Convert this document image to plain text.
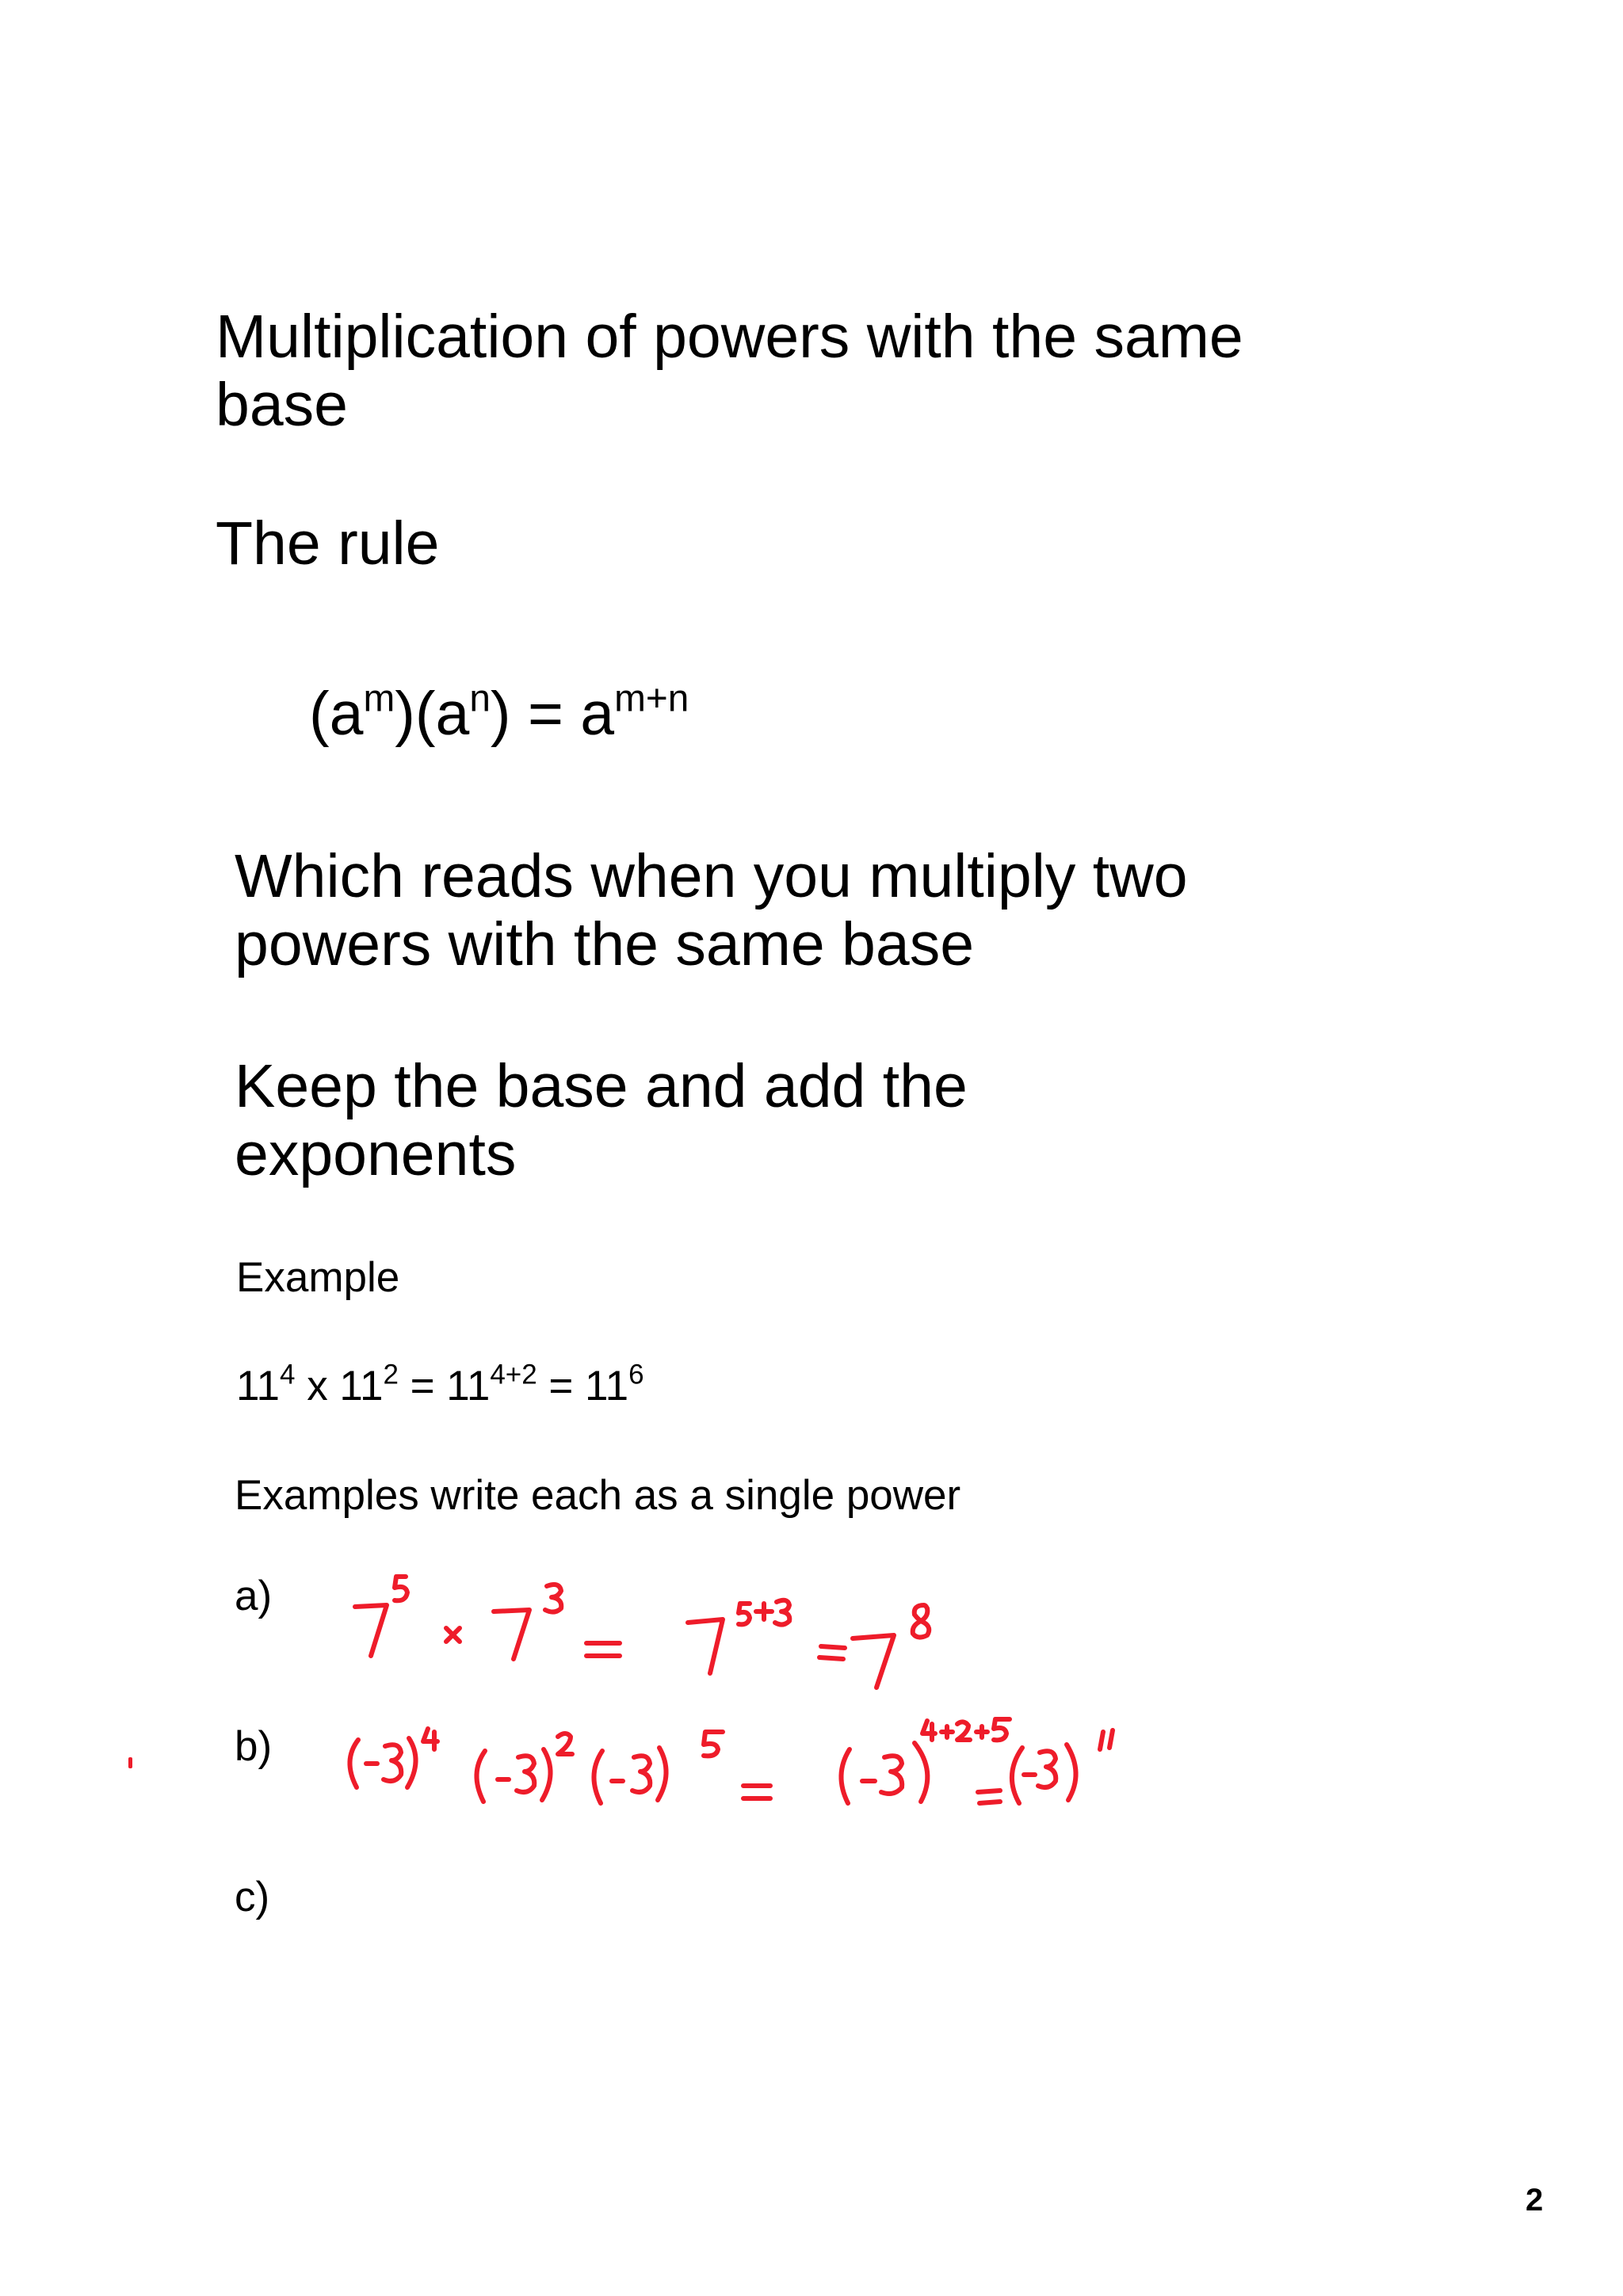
Multiplication of powers with the same
base
The rule
$(a^m)(a^n) = a^{m+n}$
Which reads when you multiply two
powers with the same base
Keep the base and add the
exponents
Example
$11^4$ x $11^2 = 11^{4+2} = 11^6$
Examples write each as a single power
a)
b)
c)
2
